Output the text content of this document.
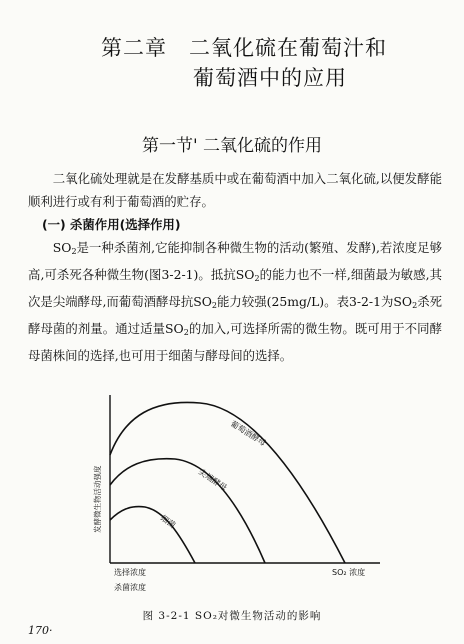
第二章　二氧化硫在葡萄汁和
葡萄酒中的应用
第一节' 二氧化硫的作用
二氧化硫处理就是在发酵基质中或在葡萄酒中加入二氧化硫,以便发酵能顺利进行或有利于葡萄酒的贮存。
(一) 杀菌作用(选择作用)
$SO_2$是一种杀菌剂,它能抑制各种微生物的活动(繁殖、发酵),若浓度足够高,可杀死各种微生物(图3-2-1)。抵抗$SO_2$的能力也不一样,细菌最为敏感,其次是尖端酵母,而葡萄酒酵母抗$SO_2$能力较强(25mg/L)。表3-2-1为$SO_2$杀死酵母菌的剂量。通过适量$SO_2$的加入,可选择所需的微生物。既可用于不同酵母菌株间的选择,也可用于细菌与酵母间的选择。
葡萄酒酵母
尖端酵母
细菌
发酵微生物活动强度
选择浓度
杀菌浓度
SO₂ 浓度
图 3-2-1 SO₂对微生物活动的影响
170·
